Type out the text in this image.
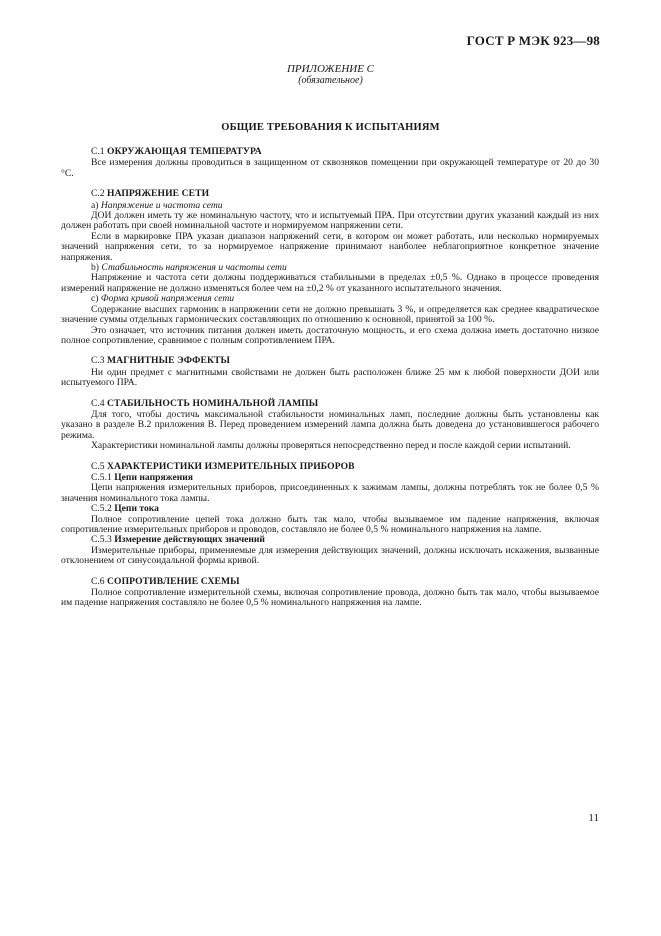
ГОСТ Р МЭК 923—98
ПРИЛОЖЕНИЕ С
(обязательное)
ОБЩИЕ ТРЕБОВАНИЯ К ИСПЫТАНИЯМ
С.1 ОКРУЖАЮЩАЯ ТЕМПЕРАТУРА

Все измерения должны проводиться в защищенном от сквозняков помещении при окружающей температуре от 20 до 30 °С.

С.2 НАПРЯЖЕНИЕ СЕТИ
а) Напряжение и частота сети

ДОИ должен иметь ту же номинальную частоту, что и испытуемый ПРА. При отсутствии других указаний каждый из них должен работать при своей номинальной частоте и нормируемом напряжении сети.

Если в маркировке ПРА указан диапазон напряжений сети, в котором он может работать, или несколько нормируемых значений напряжения сети, то за нормируемое напряжение принимают наиболее неблагоприятное конкретное значение напряжения.

b) Стабильность напряжения и частоты сети

Напряжение и частота сети должны поддерживаться стабильными в пределах ±0,5 %. Однако в процессе проведения измерений напряжение не должно изменяться более чем на ±0,2 % от указанного испытательного значения.

с) Форма кривой напряжения сети

Содержание высших гармоник в напряжении сети не должно превышать 3 %, и определяется как среднее квадратическое значение суммы отдельных гармонических составляющих по отношению к основной, принятой за 100 %.

Это означает, что источник питания должен иметь достаточную мощность, и его схема должна иметь достаточно низкое полное сопротивление, сравнимое с полным сопротивлением ПРА.

С.3 МАГНИТНЫЕ ЭФФЕКТЫ

Ни один предмет с магнитными свойствами не должен быть расположен ближе 25 мм к любой поверхности ДОИ или испытуемого ПРА.

С.4 СТАБИЛЬНОСТЬ НОМИНАЛЬНОЙ ЛАМПЫ

Для того, чтобы достичь максимальной стабильности номинальных ламп, последние должны быть установлены как указано в разделе В.2 приложения В. Перед проведением измерений лампа должна быть доведена до установившегося рабочего режима.

Характеристики номинальной лампы должны проверяться непосредственно перед и после каждой серии испытаний.

С.5 ХАРАКТЕРИСТИКИ ИЗМЕРИТЕЛЬНЫХ ПРИБОРОВ
С.5.1 Цепи напряжения

Цепи напряжения измерительных приборов, присоединенных к зажимам лампы, должны потреблять ток не более 0,5 % значения номинального тока лампы.

С.5.2 Цепи тока

Полное сопротивление цепей тока должно быть так мало, чтобы вызываемое им падение напряжения, включая сопротивление измерительных приборов и проводов, составляло не более 0,5 % номинального напряжения на лампе.

С.5.3 Измерение действующих значений

Измерительные приборы, применяемые для измерения действующих значений, должны исключать искажения, вызванные отклонением от синусоидальной формы кривой.

С.6 СОПРОТИВЛЕНИЕ СХЕМЫ

Полное сопротивление измерительной схемы, включая сопротивление провода, должно быть так мало, чтобы вызываемое им падение напряжения составляло не более 0,5 % номинального напряжения на лампе.

11
